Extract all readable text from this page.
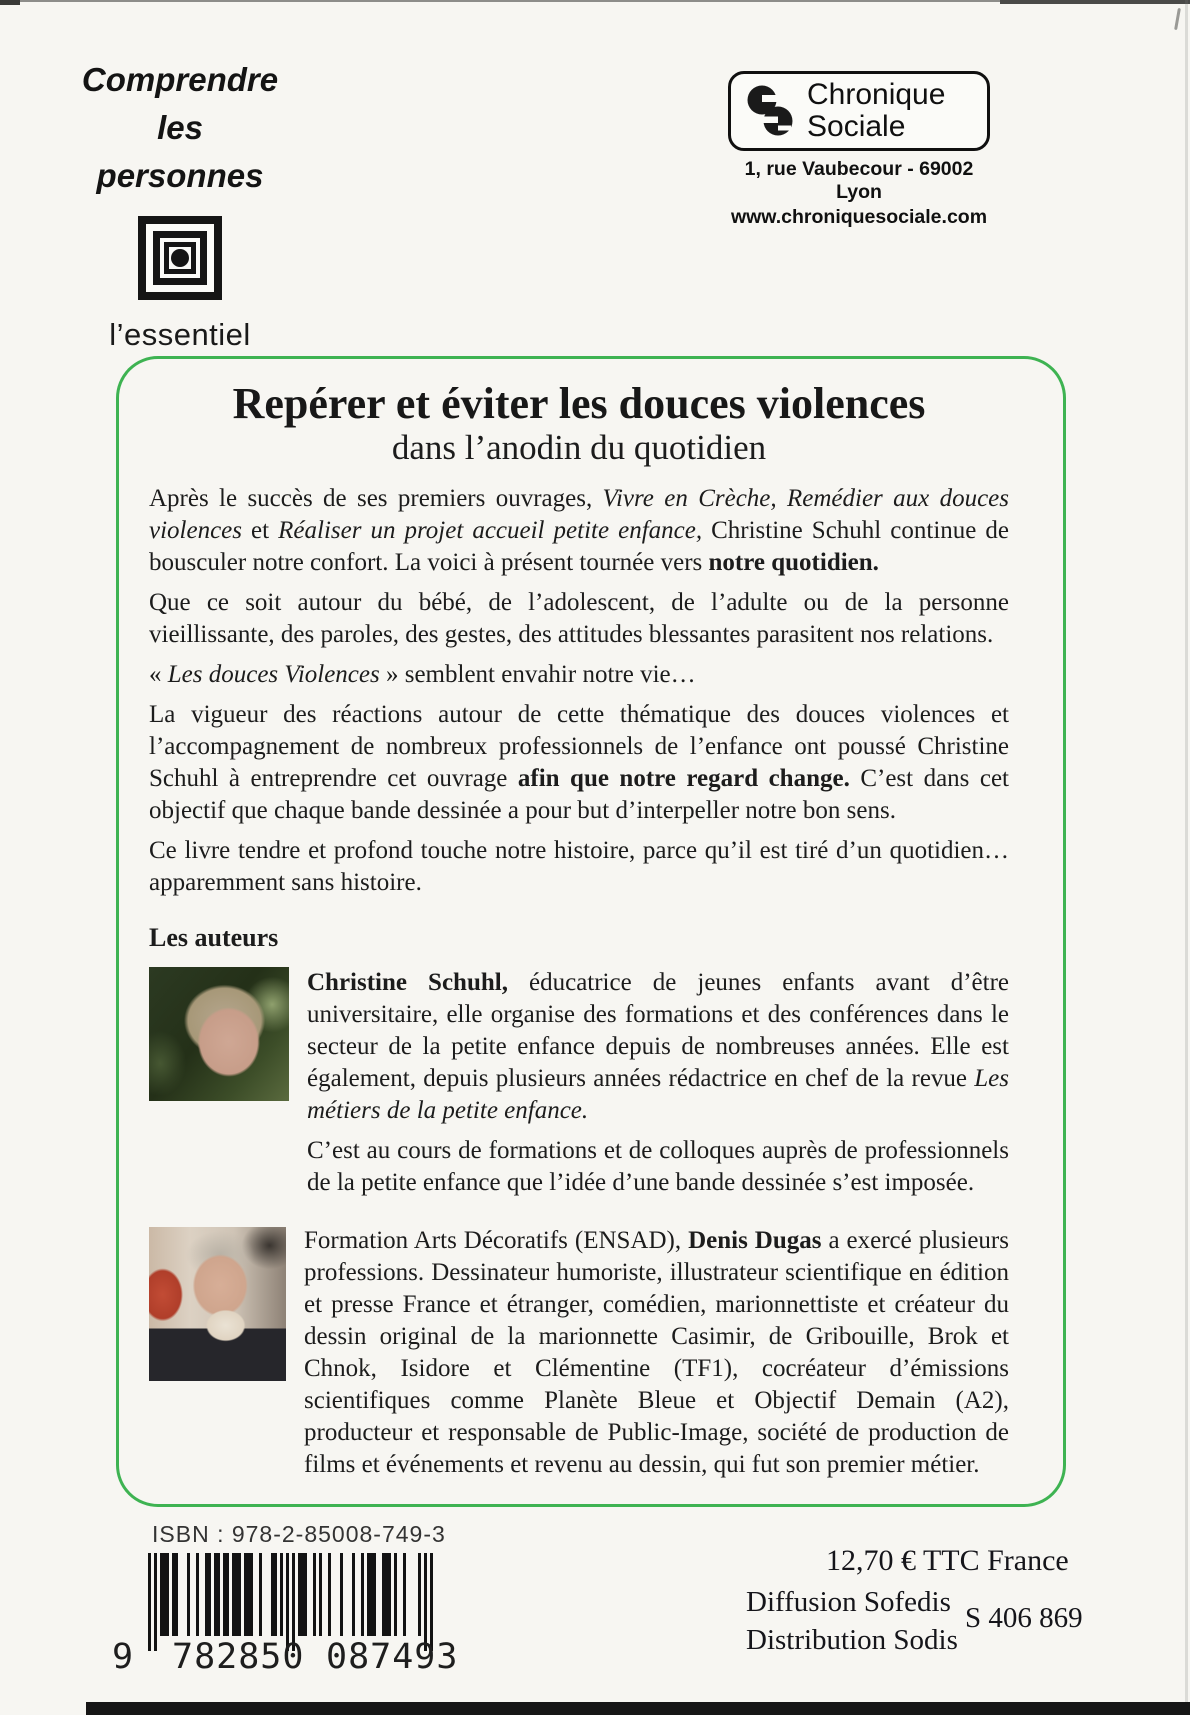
Comprendre
les personnes
l’essentiel
Chronique
Sociale
1, rue Vaubecour - 69002 Lyon
www.chroniquesociale.com
Repérer et éviter les douces violences
dans l’anodin du quotidien

Après le succès de ses premiers ouvrages, Vivre en Crèche, Remédier aux douces violences et Réaliser un projet accueil petite enfance, Christine Schuhl continue de bousculer notre confort. La voici à présent tournée vers notre quotidien.

Que ce soit autour du bébé, de l’adolescent, de l’adulte ou de la personne vieillissante, des paroles, des gestes, des attitudes blessantes parasitent nos relations.

« Les douces Violences » semblent envahir notre vie…

La vigueur des réactions autour de cette thématique des douces violences et l’accompagnement de nombreux professionnels de l’enfance ont poussé Christine Schuhl à entreprendre cet ouvrage afin que notre regard change. C’est dans cet objectif que chaque bande dessinée a pour but d’interpeller notre bon sens.

Ce livre tendre et profond touche notre histoire, parce qu’il est tiré d’un quotidien… apparemment sans histoire.

Les auteurs

Christine Schuhl, éducatrice de jeunes enfants avant d’être universitaire, elle organise des formations et des conférences dans le secteur de la petite enfance depuis de nombreuses années. Elle est également, depuis plusieurs années rédactrice en chef de la revue Les métiers de la petite enfance.

C’est au cours de formations et de colloques auprès de professionnels de la petite enfance que l’idée d’une bande dessinée s’est imposée.

Formation Arts Décoratifs (ENSAD), Denis Dugas a exercé plusieurs professions. Dessinateur humoriste, illustrateur scientifique en édition et presse France et étranger, comédien, marionnettiste et créateur du dessin original de la marionnette Casimir, de Gribouille, Brok et Chnok, Isidore et Clémentine (TF1), cocréateur d’émissions scientifiques comme Planète Bleue et Objectif Demain (A2), producteur et responsable de Public-Image, société de production de films et événements et revenu au dessin, qui fut son premier métier.

ISBN : 978-2-85008-749-3
9 782850 087493
12,70 € TTC France
Diffusion Sofedis
Distribution Sodis
S 406 869
